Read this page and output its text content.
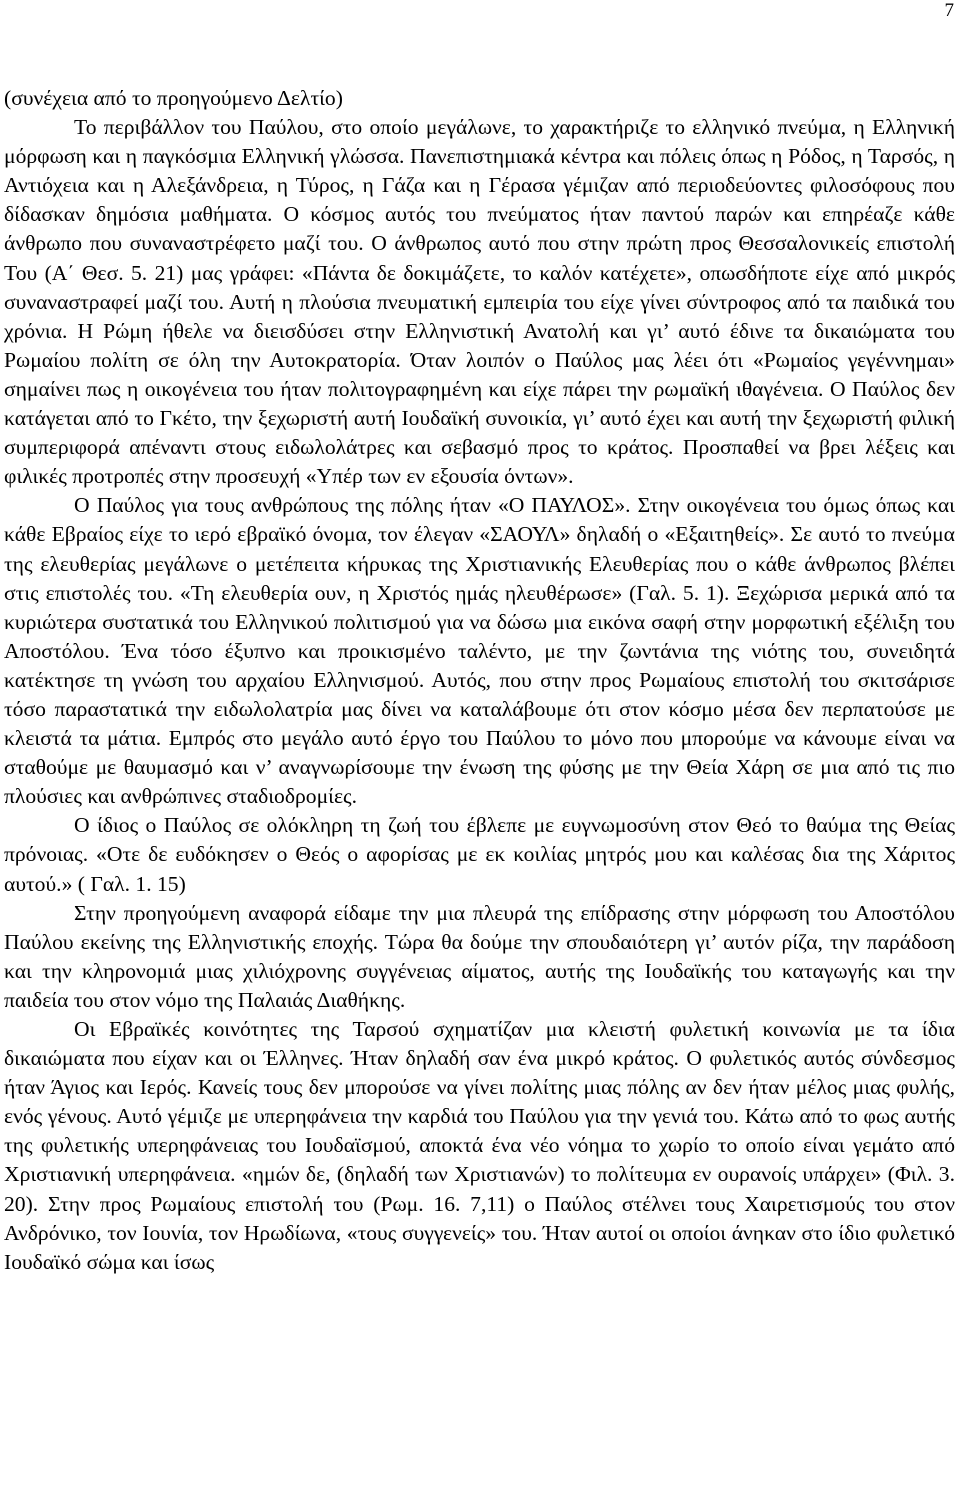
7

(συνέχεια από το προηγούμενο Δελτίο)

Το περιβάλλον του Παύλου, στο οποίο μεγάλωνε, το χαρακτήριζε το ελληνικό πνεύμα, η Ελληνική μόρφωση και η παγκόσμια Ελληνική γλώσσα. Πανεπιστημιακά κέντρα και πόλεις όπως η Ρόδος, η Ταρσός, η Αντιόχεια και η Αλεξάνδρεια, η Τύρος, η Γάζα και η Γέρασα γέμιζαν από περιοδεύοντες φιλοσόφους που δίδασκαν δημόσια μαθήματα. Ο κόσμος αυτός του πνεύματος ήταν παντού παρών και επηρέαζε κάθε άνθρωπο που συναναστρέφετο μαζί του. Ο άνθρωπος αυτό που στην πρώτη προς Θεσσαλονικείς επιστολή Του (Α΄ Θεσ. 5. 21) μας γράφει: «Πάντα δε δοκιμάζετε, το καλόν κατέχετε», οπωσδήποτε είχε από μικρός συναναστραφεί μαζί του. Αυτή η πλούσια πνευματική εμπειρία του είχε γίνει σύντροφος από τα παιδικά του χρόνια. Η Ρώμη ήθελε να διεισδύσει στην Ελληνιστική Ανατολή και γι’ αυτό έδινε τα δικαιώματα του Ρωμαίου πολίτη σε όλη την Αυτοκρατορία. Όταν λοιπόν ο Παύλος μας λέει ότι «Ρωμαίος γεγέννημαι» σημαίνει πως η οικογένεια του ήταν πολιτογραφημένη και είχε πάρει την ρωμαϊκή ιθαγένεια. Ο Παύλος δεν κατάγεται από το Γκέτο, την ξεχωριστή αυτή Ιουδαϊκή συνοικία, γι’ αυτό έχει και αυτή την ξεχωριστή φιλική συμπεριφορά απέναντι στους ειδωλολάτρες και σεβασμό προς το κράτος. Προσπαθεί να βρει λέξεις και φιλικές προτροπές στην προσευχή «Υπέρ των εν εξουσία όντων».

Ο Παύλος για τους ανθρώπους της πόλης ήταν «Ο ΠΑΥΛΟΣ». Στην οικογένεια του όμως όπως και κάθε Εβραίος είχε το ιερό εβραϊκό όνομα, τον έλεγαν «ΣΑΟΥΛ» δηλαδή ο «Εξαιτηθείς». Σε αυτό το πνεύμα της ελευθερίας μεγάλωνε ο μετέπειτα κήρυκας της Χριστιανικής Ελευθερίας που ο κάθε άνθρωπος βλέπει στις επιστολές του. «Τη ελευθερία ουν, η Χριστός ημάς ηλευθέρωσε» (Γαλ. 5. 1). Ξεχώρισα μερικά από τα κυριώτερα συστατικά του Ελληνικού πολιτισμού για να δώσω μια εικόνα σαφή στην μορφωτική εξέλιξη του Αποστόλου. Ένα τόσο έξυπνο και προικισμένο ταλέντο, με την ζωντάνια της νιότης του, συνειδητά κατέκτησε τη γνώση του αρχαίου Ελληνισμού. Αυτός, που στην προς Ρωμαίους επιστολή του σκιτσάρισε τόσο παραστατικά την ειδωλολατρία μας δίνει να καταλάβουμε ότι στον κόσμο μέσα δεν περπατούσε με κλειστά τα μάτια. Εμπρός στο μεγάλο αυτό έργο του Παύλου το μόνο που μπορούμε να κάνουμε είναι να σταθούμε με θαυμασμό και ν’ αναγνωρίσουμε την ένωση της φύσης με την Θεία Χάρη σε μια από τις πιο πλούσιες και ανθρώπινες σταδιοδρομίες.

Ο ίδιος ο Παύλος σε ολόκληρη τη ζωή του έβλεπε με ευγνωμοσύνη στον Θεό το θαύμα της Θείας πρόνοιας. «Οτε δε ευδόκησεν ο Θεός ο αφορίσας με εκ κοιλίας μητρός μου και καλέσας δια της Χάριτος αυτού.» ( Γαλ. 1. 15)

Στην προηγούμενη αναφορά είδαμε την μια πλευρά της επίδρασης στην μόρφωση του Αποστόλου Παύλου εκείνης της Ελληνιστικής εποχής. Τώρα θα δούμε την σπουδαιότερη γι’ αυτόν ρίζα, την παράδοση και την κληρονομιά μιας χιλιόχρονης συγγένειας αίματος, αυτής της Ιουδαϊκής του καταγωγής και την παιδεία του στον νόμο της Παλαιάς Διαθήκης.

Οι Εβραϊκές κοινότητες της Ταρσού σχηματίζαν μια κλειστή φυλετική κοινωνία με τα ίδια δικαιώματα που είχαν και οι Έλληνες. Ήταν δηλαδή σαν ένα μικρό κράτος. Ο φυλετικός αυτός σύνδεσμος ήταν Άγιος και Ιερός. Κανείς τους δεν μπορούσε να γίνει πολίτης μιας πόλης αν δεν ήταν μέλος μιας φυλής, ενός γένους. Αυτό γέμιζε με υπερηφάνεια την καρδιά του Παύλου για την γενιά του. Κάτω από το φως αυτής της φυλετικής υπερηφάνειας του Ιουδαϊσμού, αποκτά ένα νέο νόημα το χωρίο το οποίο είναι γεμάτο από Χριστιανική υπερηφάνεια. «ημών δε, (δηλαδή των Χριστιανών) το πολίτευμα εν ουρανοίς υπάρχει» (Φιλ. 3. 20). Στην προς Ρωμαίους επιστολή του (Ρωμ. 16. 7,11) ο Παύλος στέλνει τους Χαιρετισμούς του στον Ανδρόνικο, τον Ιουνία, τον Ηρωδίωνα, «τους συγγενείς» του. Ήταν αυτοί οι οποίοι άνηκαν στο ίδιο φυλετικό Ιουδαϊκό σώμα και ίσως
